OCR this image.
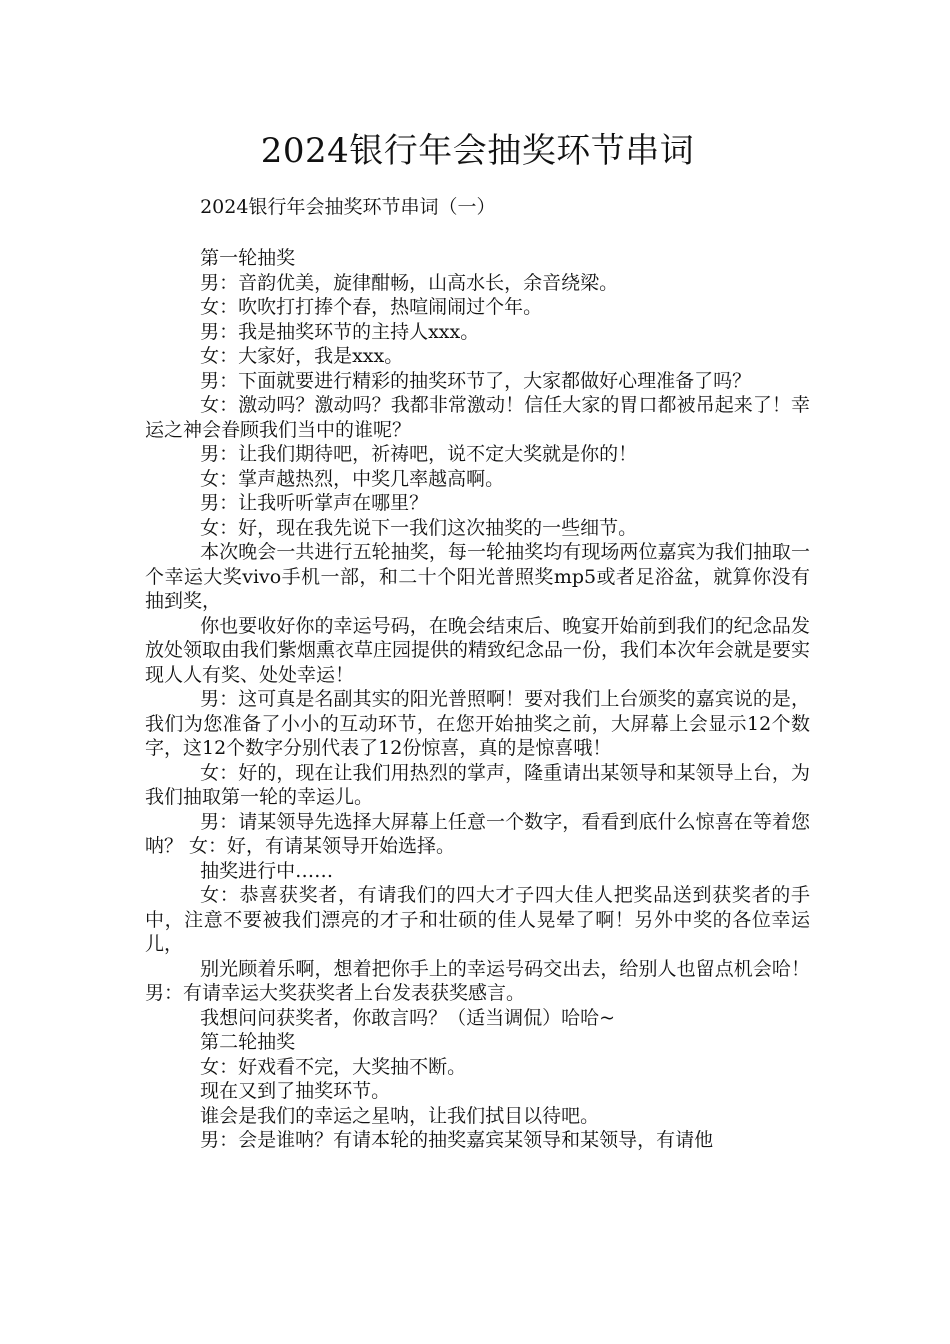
2024银行年会抽奖环节串词
2024银行年会抽奖环节串词（一）

第一轮抽奖

男：音韵优美，旋律酣畅，山高水长，余音绕梁。

女：吹吹打打捧个春，热喧闹闹过个年。

男：我是抽奖环节的主持人xxx。

女：大家好，我是xxx。

男：下面就要进行精彩的抽奖环节了，大家都做好心理准备了吗？

女：激动吗？激动吗？我都非常激动！信任大家的胃口都被吊起来了！幸运之神会眷顾我们当中的谁呢？

男：让我们期待吧，祈祷吧，说不定大奖就是你的！

女：掌声越热烈，中奖几率越高啊。

男：让我听听掌声在哪里？

女：好，现在我先说下一我们这次抽奖的一些细节。

本次晚会一共进行五轮抽奖，每一轮抽奖均有现场两位嘉宾为我们抽取一个幸运大奖vivo手机一部，和二十个阳光普照奖mp5或者足浴盆，就算你没有抽到奖，

你也要收好你的幸运号码，在晚会结束后、晚宴开始前到我们的纪念品发放处领取由我们紫烟熏衣草庄园提供的精致纪念品一份，我们本次年会就是要实现人人有奖、处处幸运！

男：这可真是名副其实的阳光普照啊！要对我们上台颁奖的嘉宾说的是，我们为您准备了小小的互动环节，在您开始抽奖之前，大屏幕上会显示12个数字，这12个数字分别代表了12份惊喜，真的是惊喜哦！

女：好的，现在让我们用热烈的掌声，隆重请出某领导和某领导上台，为我们抽取第一轮的幸运儿。

男：请某领导先选择大屏幕上任意一个数字，看看到底什么惊喜在等着您呐？ 女：好，有请某领导开始选择。

抽奖进行中……

女：恭喜获奖者，有请我们的四大才子四大佳人把奖品送到获奖者的手中，注意不要被我们漂亮的才子和壮硕的佳人晃晕了啊！另外中奖的各位幸运儿，

别光顾着乐啊，想着把你手上的幸运号码交出去，给别人也留点机会哈！ 男：有请幸运大奖获奖者上台发表获奖感言。

我想问问获奖者，你敢言吗？（适当调侃）哈哈~

第二轮抽奖

女：好戏看不完，大奖抽不断。

现在又到了抽奖环节。

谁会是我们的幸运之星呐，让我们拭目以待吧。

男：会是谁呐？有请本轮的抽奖嘉宾某领导和某领导，有请他
